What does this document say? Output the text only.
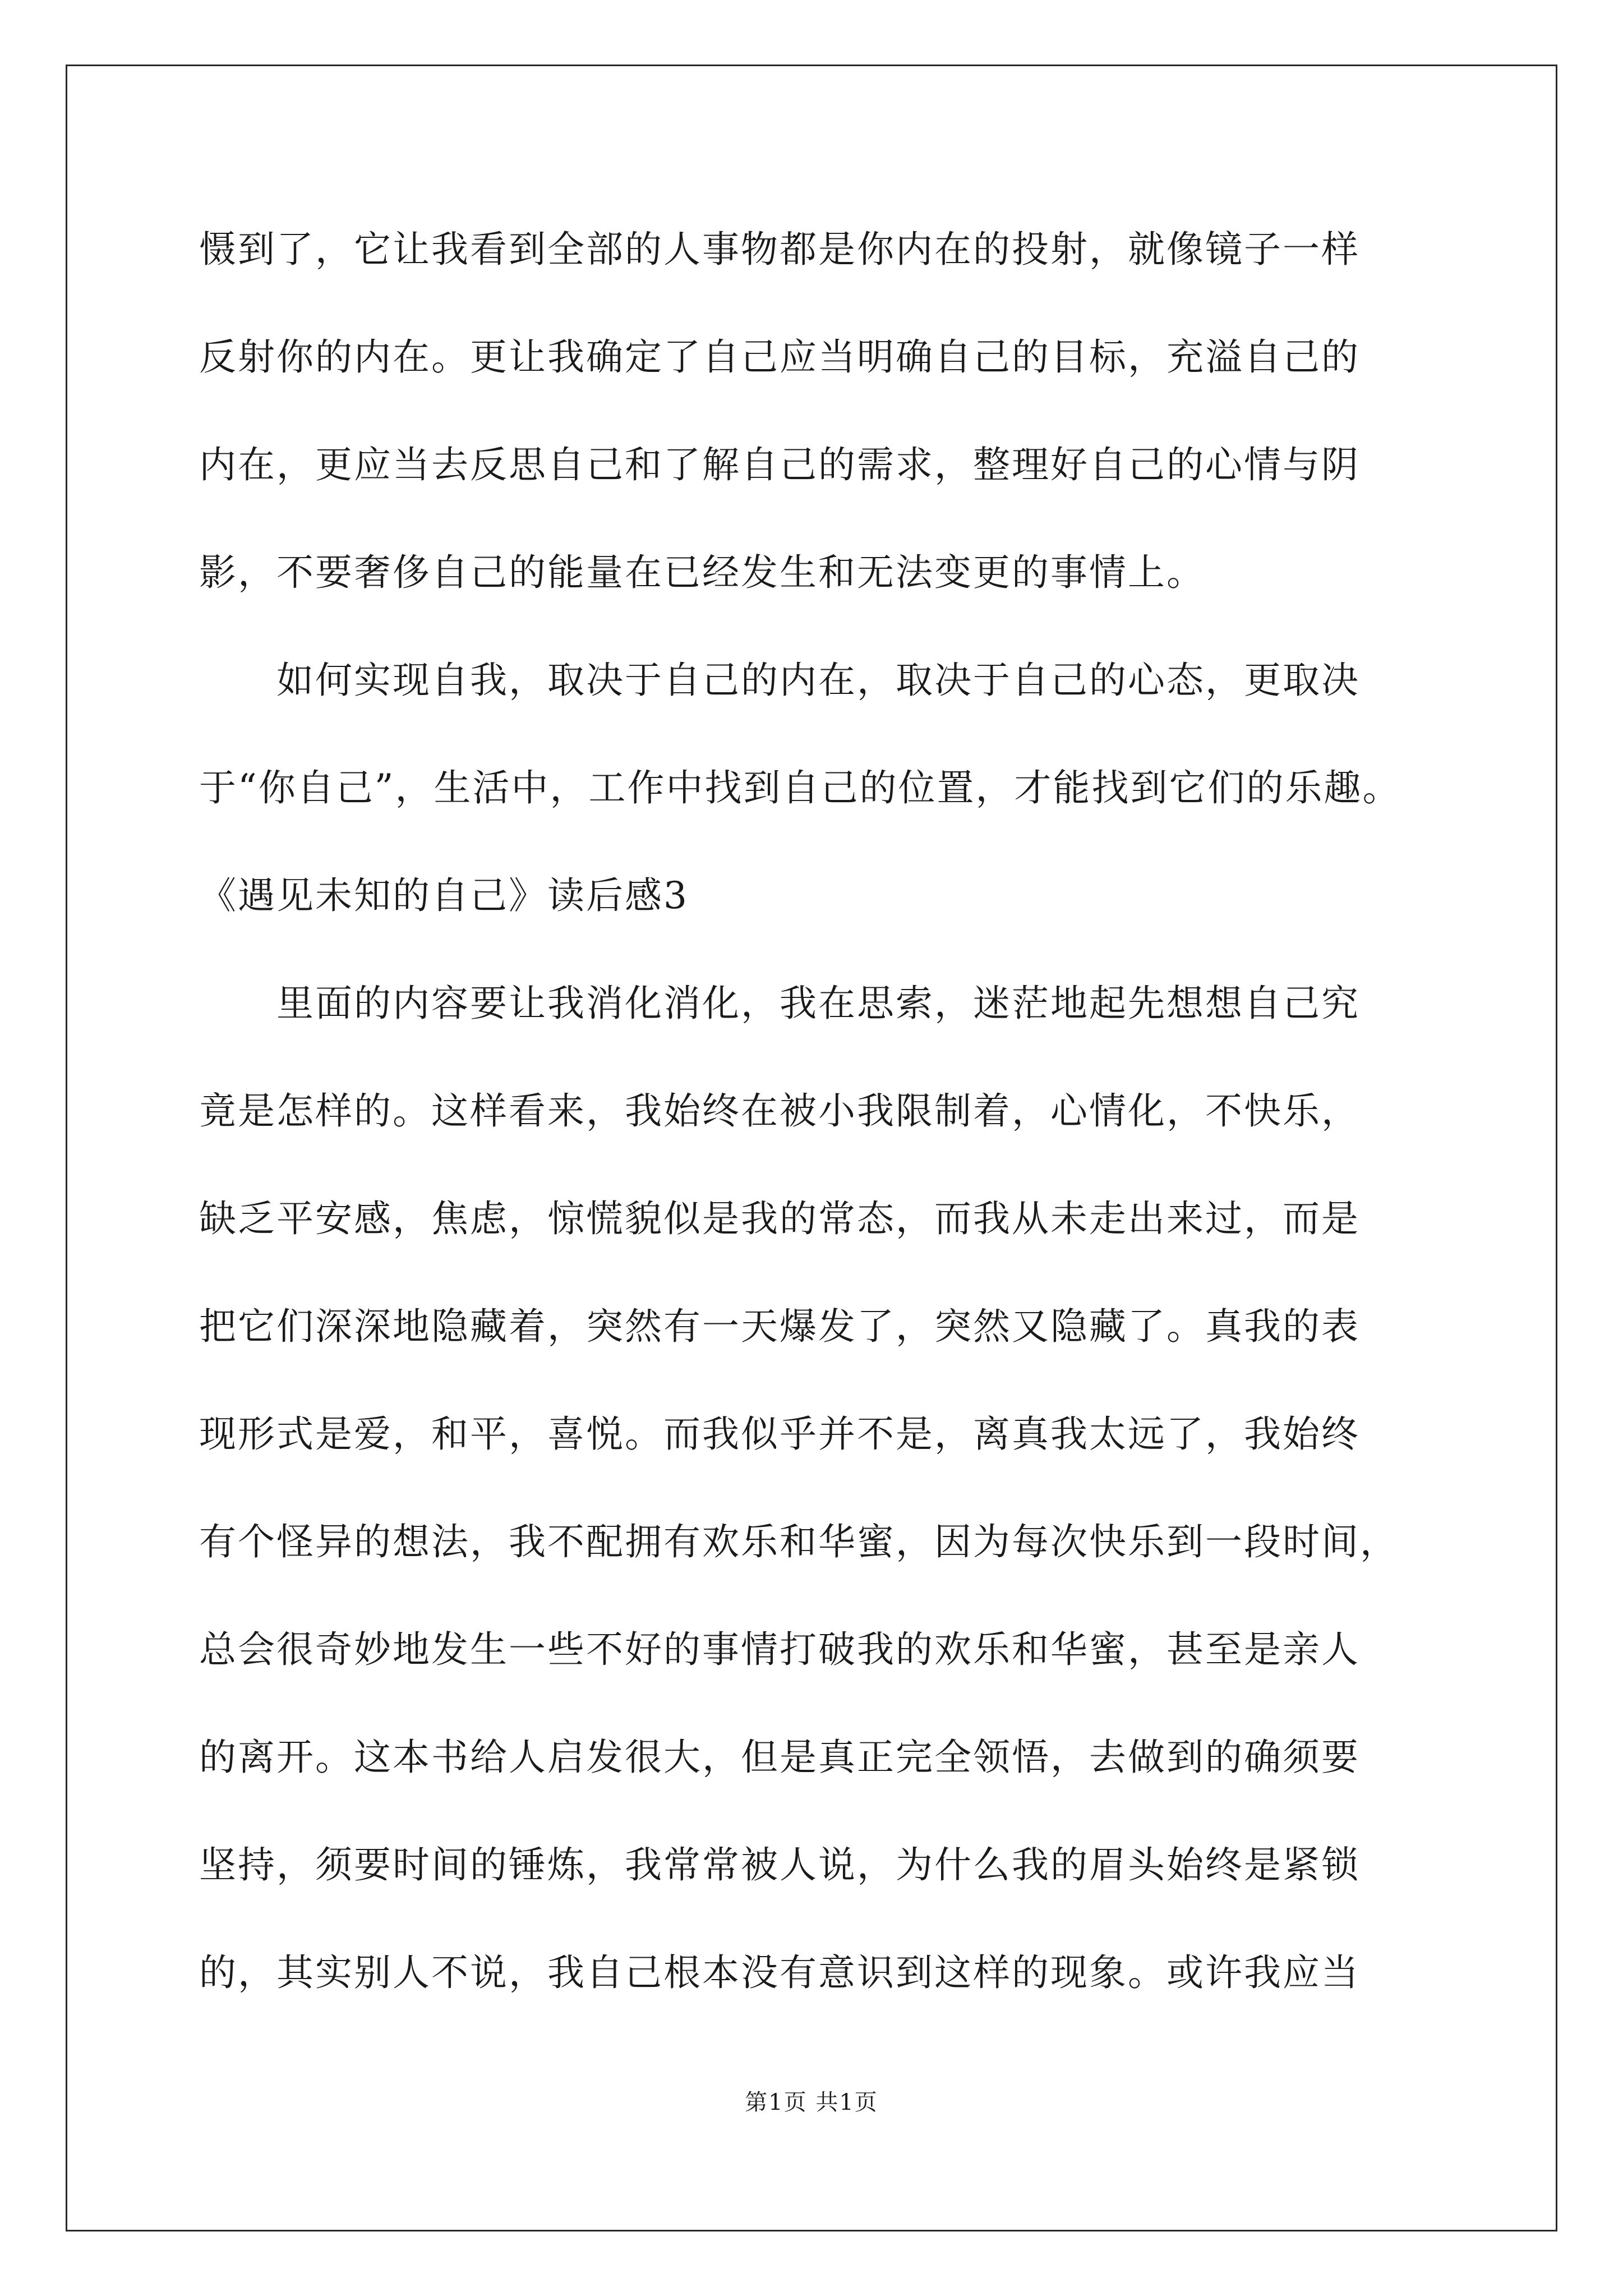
慑到了，它让我看到全部的人事物都是你内在的投射，就像镜子一样
反射你的内在。更让我确定了自己应当明确自己的目标，充溢自己的
内在，更应当去反思自己和了解自己的需求，整理好自己的心情与阴
影，不要奢侈自己的能量在已经发生和无法变更的事情上。
如何实现自我，取决于自己的内在，取决于自己的心态，更取决
于“你自己”，生活中，工作中找到自己的位置，才能找到它们的乐趣。
《遇见未知的自己》读后感3
里面的内容要让我消化消化，我在思索，迷茫地起先想想自己究
竟是怎样的。这样看来，我始终在被小我限制着，心情化，不快乐，
缺乏平安感，焦虑，惊慌貌似是我的常态，而我从未走出来过，而是
把它们深深地隐藏着，突然有一天爆发了，突然又隐藏了。真我的表
现形式是爱，和平，喜悦。而我似乎并不是，离真我太远了，我始终
有个怪异的想法，我不配拥有欢乐和华蜜，因为每次快乐到一段时间，
总会很奇妙地发生一些不好的事情打破我的欢乐和华蜜，甚至是亲人
的离开。这本书给人启发很大，但是真正完全领悟，去做到的确须要
坚持，须要时间的锤炼，我常常被人说，为什么我的眉头始终是紧锁
的，其实别人不说，我自己根本没有意识到这样的现象。或许我应当
第1页 共1页
